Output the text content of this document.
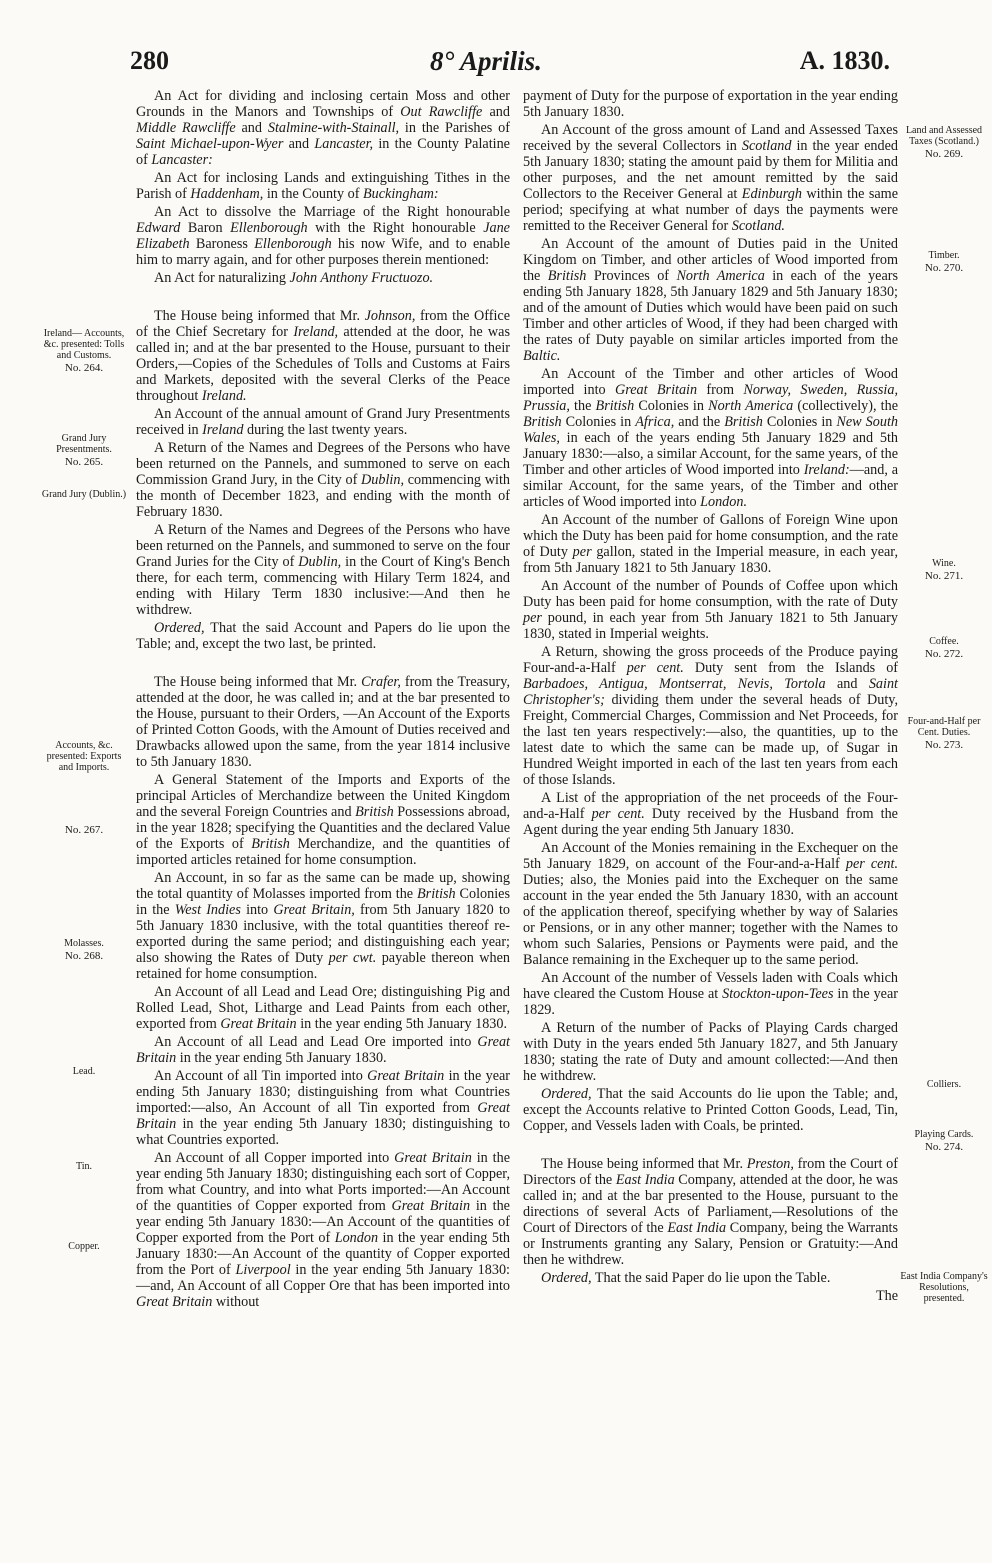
280	8° Aprilis.	A. 1830.

An Act for dividing and inclosing certain Moss and other Grounds in the Manors and Townships of Out Rawcliffe and Middle Rawcliffe and Stalmine-with-Stainall, in the Parishes of Saint Michael-upon-Wyer and Lancaster, in the County Palatine of Lancaster:

An Act for inclosing Lands and extinguishing Tithes in the Parish of Haddenham, in the County of Buckingham:

An Act to dissolve the Marriage of the Right honourable Edward Baron Ellenborough with the Right honourable Jane Elizabeth Baroness Ellenborough his now Wife, and to enable him to marry again, and for other purposes therein mentioned:

An Act for naturalizing John Anthony Fructuozo.

The House being informed that Mr. Johnson, from the Office of the Chief Secretary for Ireland, attended at the door, he was called in; and at the bar presented to the House, pursuant to their Orders,—Copies of the Schedules of Tolls and Customs at Fairs and Markets, deposited with the several Clerks of the Peace throughout Ireland.

An Account of the annual amount of Grand Jury Presentments received in Ireland during the last twenty years.

A Return of the Names and Degrees of the Persons who have been returned on the Pannels, and summoned to serve on each Commission Grand Jury, in the City of Dublin, commencing with the month of December 1823, and ending with the month of February 1830.

A Return of the Names and Degrees of the Persons who have been returned on the Pannels, and summoned to serve on the four Grand Juries for the City of Dublin, in the Court of King's Bench there, for each term, commencing with Hilary Term 1824, and ending with Hilary Term 1830 inclusive:—And then he withdrew.

Ordered, That the said Account and Papers do lie upon the Table; and, except the two last, be printed.

The House being informed that Mr. Crafer, from the Treasury, attended at the door, he was called in; and at the bar presented to the House, pursuant to their Orders, —An Account of the Exports of Printed Cotton Goods, with the Amount of Duties received and Drawbacks allowed upon the same, from the year 1814 inclusive to 5th January 1830.

A General Statement of the Imports and Exports of the principal Articles of Merchandize between the United Kingdom and the several Foreign Countries and British Possessions abroad, in the year 1828; specifying the Quantities and the declared Value of the Exports of British Merchandize, and the quantities of imported articles retained for home consumption.

An Account, in so far as the same can be made up, showing the total quantity of Molasses imported from the British Colonies in the West Indies into Great Britain, from 5th January 1820 to 5th January 1830 inclusive, with the total quantities thereof re-exported during the same period; and distinguishing each year; also showing the Rates of Duty per cwt. payable thereon when retained for home consumption.

An Account of all Lead and Lead Ore; distinguishing Pig and Rolled Lead, Shot, Litharge and Lead Paints from each other, exported from Great Britain in the year ending 5th January 1830.

An Account of all Lead and Lead Ore imported into Great Britain in the year ending 5th January 1830.

An Account of all Tin imported into Great Britain in the year ending 5th January 1830; distinguishing from what Countries imported:—also, An Account of all Tin exported from Great Britain in the year ending 5th January 1830; distinguishing to what Countries exported.

An Account of all Copper imported into Great Britain in the year ending 5th January 1830; distinguishing each sort of Copper, from what Country, and into what Ports imported:—An Account of the quantities of Copper exported from Great Britain in the year ending 5th January 1830:—An Account of the quantities of Copper exported from the Port of London in the year ending 5th January 1830:—An Account of the quantity of Copper exported from the Port of Liverpool in the year ending 5th January 1830:—and, An Account of all Copper Ore that has been imported into Great Britain without

payment of Duty for the purpose of exportation in the year ending 5th January 1830.

An Account of the gross amount of Land and Assessed Taxes received by the several Collectors in Scotland in the year ended 5th January 1830; stating the amount paid by them for Militia and other purposes, and the net amount remitted by the said Collectors to the Receiver General at Edinburgh within the same period; specifying at what number of days the payments were remitted to the Receiver General for Scotland.

An Account of the amount of Duties paid in the United Kingdom on Timber, and other articles of Wood imported from the British Provinces of North America in each of the years ending 5th January 1828, 5th January 1829 and 5th January 1830; and of the amount of Duties which would have been paid on such Timber and other articles of Wood, if they had been charged with the rates of Duty payable on similar articles imported from the Baltic.

An Account of the Timber and other articles of Wood imported into Great Britain from Norway, Sweden, Russia, Prussia, the British Colonies in North America (collectively), the British Colonies in Africa, and the British Colonies in New South Wales, in each of the years ending 5th January 1829 and 5th January 1830:—also, a similar Account, for the same years, of the Timber and other articles of Wood imported into Ireland:—and, a similar Account, for the same years, of the Timber and other articles of Wood imported into London.

An Account of the number of Gallons of Foreign Wine upon which the Duty has been paid for home consumption, and the rate of Duty per gallon, stated in the Imperial measure, in each year, from 5th January 1821 to 5th January 1830.

An Account of the number of Pounds of Coffee upon which Duty has been paid for home consumption, with the rate of Duty per pound, in each year from 5th January 1821 to 5th January 1830, stated in Imperial weights.

A Return, showing the gross proceeds of the Produce paying Four-and-a-Half per cent. Duty sent from the Islands of Barbadoes, Antigua, Montserrat, Nevis, Tortola and Saint Christopher's; dividing them under the several heads of Duty, Freight, Commercial Charges, Commission and Net Proceeds, for the last ten years respectively:—also, the quantities, up to the latest date to which the same can be made up, of Sugar in Hundred Weight imported in each of the last ten years from each of those Islands.

A List of the appropriation of the net proceeds of the Four-and-a-Half per cent. Duty received by the Husband from the Agent during the year ending 5th January 1830.

An Account of the Monies remaining in the Exchequer on the 5th January 1829, on account of the Four-and-a-Half per cent. Duties; also, the Monies paid into the Exchequer on the same account in the year ended the 5th January 1830, with an account of the application thereof, specifying whether by way of Salaries or Pensions, or in any other manner; together with the Names to whom such Salaries, Pensions or Payments were paid, and the Balance remaining in the Exchequer up to the same period.

An Account of the number of Vessels laden with Coals which have cleared the Custom House at Stockton-upon-Tees in the year 1829.

A Return of the number of Packs of Playing Cards charged with Duty in the years ended 5th January 1827, and 5th January 1830; stating the rate of Duty and amount collected:—And then he withdrew.

Ordered, That the said Accounts do lie upon the Table; and, except the Accounts relative to Printed Cotton Goods, Lead, Tin, Copper, and Vessels laden with Coals, be printed.

The House being informed that Mr. Preston, from the Court of Directors of the East India Company, attended at the door, he was called in; and at the bar presented to the House, pursuant to the directions of several Acts of Parliament,—Resolutions of the Court of Directors of the East India Company, being the Warrants or Instruments granting any Salary, Pension or Gratuity:—And then he withdrew.

Ordered, That the said Paper do lie upon the Table.

The
Ireland— Accounts, &c. presented: Tolls and Customs.
No. 264.
Grand Jury Presentments.
No. 265.
Grand Jury (Dublin.)
Accounts, &c. presented: Exports and Imports.
No. 267.
Molasses.
No. 268.
Lead.
Tin.
Copper.
Land and Assessed Taxes (Scotland.)
No. 269.
Timber.
No. 270.
Wine.
No. 271.
Coffee.
No. 272.
Four-and-Half per Cent. Duties.
No. 273.
Colliers.
Playing Cards.
No. 274.
East India Company's Resolutions, presented.
